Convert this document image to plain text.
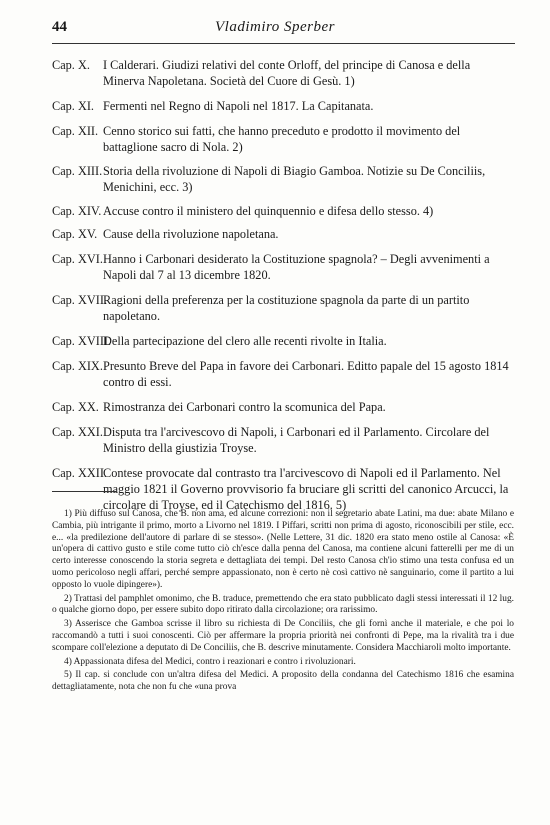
44	Vladimiro Sperber
Cap. X. I Calderari. Giudizi relativi del conte Orloff, del principe di Canosa e della Minerva Napoletana. Società del Cuore di Gesù. 1)
Cap. XI. Fermenti nel Regno di Napoli nel 1817. La Capitanata.
Cap. XII. Cenno storico sui fatti, che hanno preceduto e prodotto il movimento del battaglione sacro di Nola. 2)
Cap. XIII. Storia della rivoluzione di Napoli di Biagio Gamboa. Notizie su De Conciliis, Menichini, ecc. 3)
Cap. XIV. Accuse contro il ministero del quinquennio e difesa dello stesso. 4)
Cap. XV. Cause della rivoluzione napoletana.
Cap. XVI. Hanno i Carbonari desiderato la Costituzione spagnola? – Degli avvenimenti a Napoli dal 7 al 13 dicembre 1820.
Cap. XVII.
Ragioni della preferenza per la costituzione spagnola da parte di un partito napoletano.
Cap. XVIII.
Della partecipazione del clero alle recenti rivolte in Italia.
Cap. XIX. Presunto Breve del Papa in favore dei Carbonari. Editto papale del 15 agosto 1814 contro di essi.
Cap. XX. Rimostranza dei Carbonari contro la scomunica del Papa.
Cap. XXI. Disputa tra l'arcivescovo di Napoli, i Carbonari ed il Parlamento. Circolare del Ministro della giustizia Troyse.
Cap. XXII.
Contese provocate dal contrasto tra l'arcivescovo di Napoli ed il Parlamento. Nel maggio 1821 il Governo provvisorio fa bruciare gli scritti del canonico Arcucci, la circolare di Troyse, ed il Catechismo del 1816. 5)

1) Più diffuso sul Canosa, che B. non ama, ed alcune correzioni: non il segretario abate Latini, ma due: abate Milano e Cambia, più intrigante il primo, morto a Livorno nel 1819. I Piffari, scritti non prima di agosto, riconoscibili per stile, ecc. e... «la predilezione dell'autore di parlare di se stesso». (Nelle Lettere, 31 dic. 1820 era stato meno ostile al Canosa: «È un'opera di cattivo gusto e stile come tutto ciò ch'esce dalla penna del Canosa, ma contiene alcuni fatterelli per me di un certo interesse conoscendo la storia segreta e dettagliata dei tempi. Del resto Canosa ch'io stimo una testa confusa ed un uomo pericoloso negli affari, perché sempre appassionato, non è certo nè così cattivo nè sanguinario, come il partito a lui opposto lo vuole dipingere»).

2) Trattasi del pamphlet omonimo, che B. traduce, premettendo che era stato pubblicato dagli stessi interessati il 12 lug. o qualche giorno dopo, per essere subito dopo ritirato dalla circolazione; ora rarissimo.

3) Asserisce che Gamboa scrisse il libro su richiesta di De Conciliis, che gli fornì anche il materiale, e che poi lo raccomandò a tutti i suoi conoscenti. Ciò per affermare la propria priorità nei confronti di Pepe, ma la rivalità tra i due scompare coll'elezione a deputato di De Conciliis, che B. descrive minutamente. Considera Macchiaroli molto importante.

4) Appassionata difesa del Medici, contro i reazionari e contro i rivoluzionari.

5) Il cap. si conclude con un'altra difesa del Medici. A proposito della condanna del Catechismo 1816 che esamina dettagliatamente, nota che non fu che «una prova
